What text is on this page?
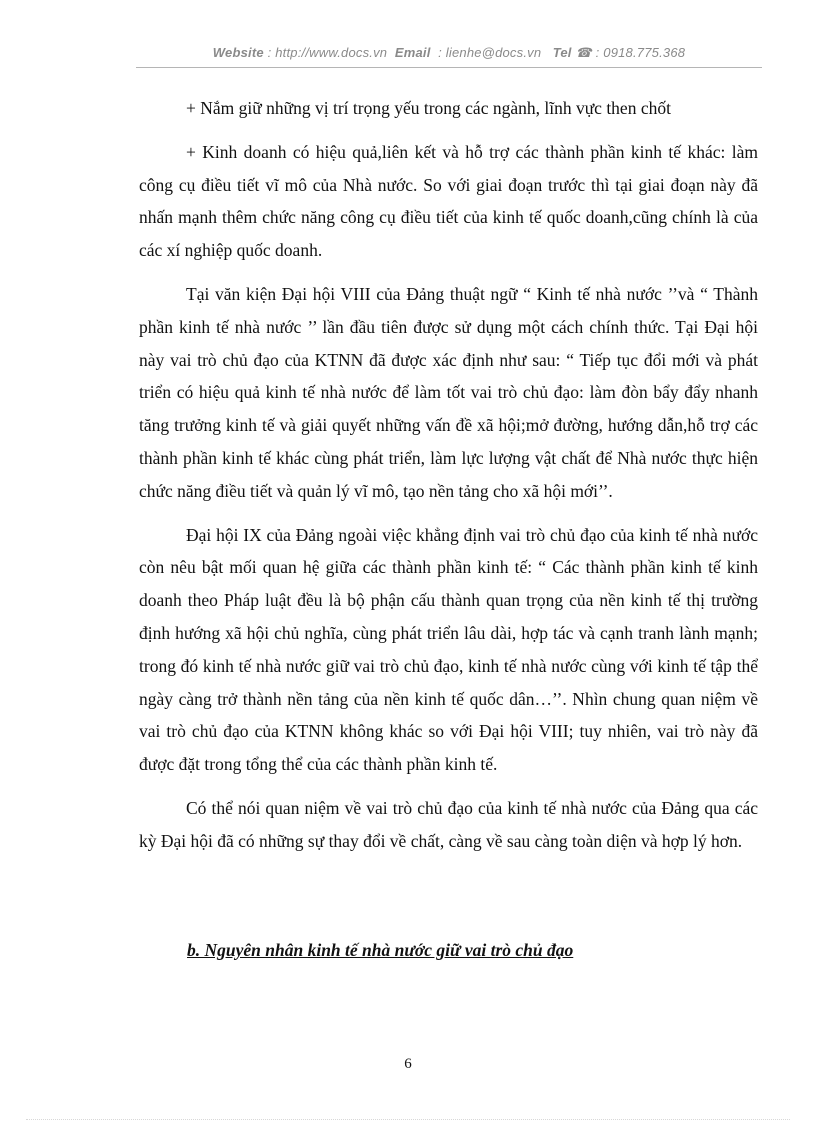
Website : http://www.docs.vn Email : lienhe@docs.vn Tel ☎ : 0918.775.368

+ Nắm giữ những vị trí trọng yếu trong các ngành, lĩnh vực then chốt

+ Kinh doanh có hiệu quả,liên kết và hỗ trợ các thành phần kinh tế khác: làm công cụ điều tiết vĩ mô của Nhà nước. So với giai đoạn trước thì tại giai đoạn này đã nhấn mạnh thêm chức năng công cụ điều tiết của kinh tế quốc doanh,cũng chính là của các xí nghiệp quốc doanh.

Tại văn kiện Đại hội VIII của Đảng thuật ngữ “ Kinh tế nhà nước ’’và “ Thành phần kinh tế nhà nước ’’ lần đầu tiên được sử dụng một cách chính thức. Tại Đại hội này vai trò chủ đạo của KTNN đã được xác định như sau: “ Tiếp tục đổi mới và phát triển có hiệu quả kinh tế nhà nước để làm tốt vai trò chủ đạo: làm đòn bẩy đẩy nhanh tăng trưởng kinh tế và giải quyết những vấn đề xã hội;mở đường, hướng dẫn,hỗ trợ các thành phần kinh tế khác cùng phát triển, làm lực lượng vật chất để Nhà nước thực hiện chức năng điều tiết và quản lý vĩ mô, tạo nền tảng cho xã hội mới’’.

Đại hội IX của Đảng ngoài việc khẳng định vai trò chủ đạo của kinh tế nhà nước còn nêu bật mối quan hệ giữa các thành phần kinh tế: “ Các thành phần kinh tế kinh doanh theo Pháp luật đều là bộ phận cấu thành quan trọng của nền kinh tế thị trường định hướng xã hội chủ nghĩa, cùng phát triển lâu dài, hợp tác và cạnh tranh lành mạnh; trong đó kinh tế nhà nước giữ vai trò chủ đạo, kinh tế nhà nước cùng với kinh tế tập thể ngày càng trở thành nền tảng của nền kinh tế quốc dân…’’. Nhìn chung quan niệm về vai trò chủ đạo của KTNN không khác so với Đại hội VIII; tuy nhiên, vai trò này đã được đặt trong tổng thể của các thành phần kinh tế.

Có thể nói quan niệm về vai trò chủ đạo của kinh tế nhà nước của Đảng qua các kỳ Đại hội đã có những sự thay đổi về chất, càng về sau càng toàn diện và hợp lý hơn.

b. Nguyên nhân kinh tế nhà nước giữ vai trò chủ đạo
6
